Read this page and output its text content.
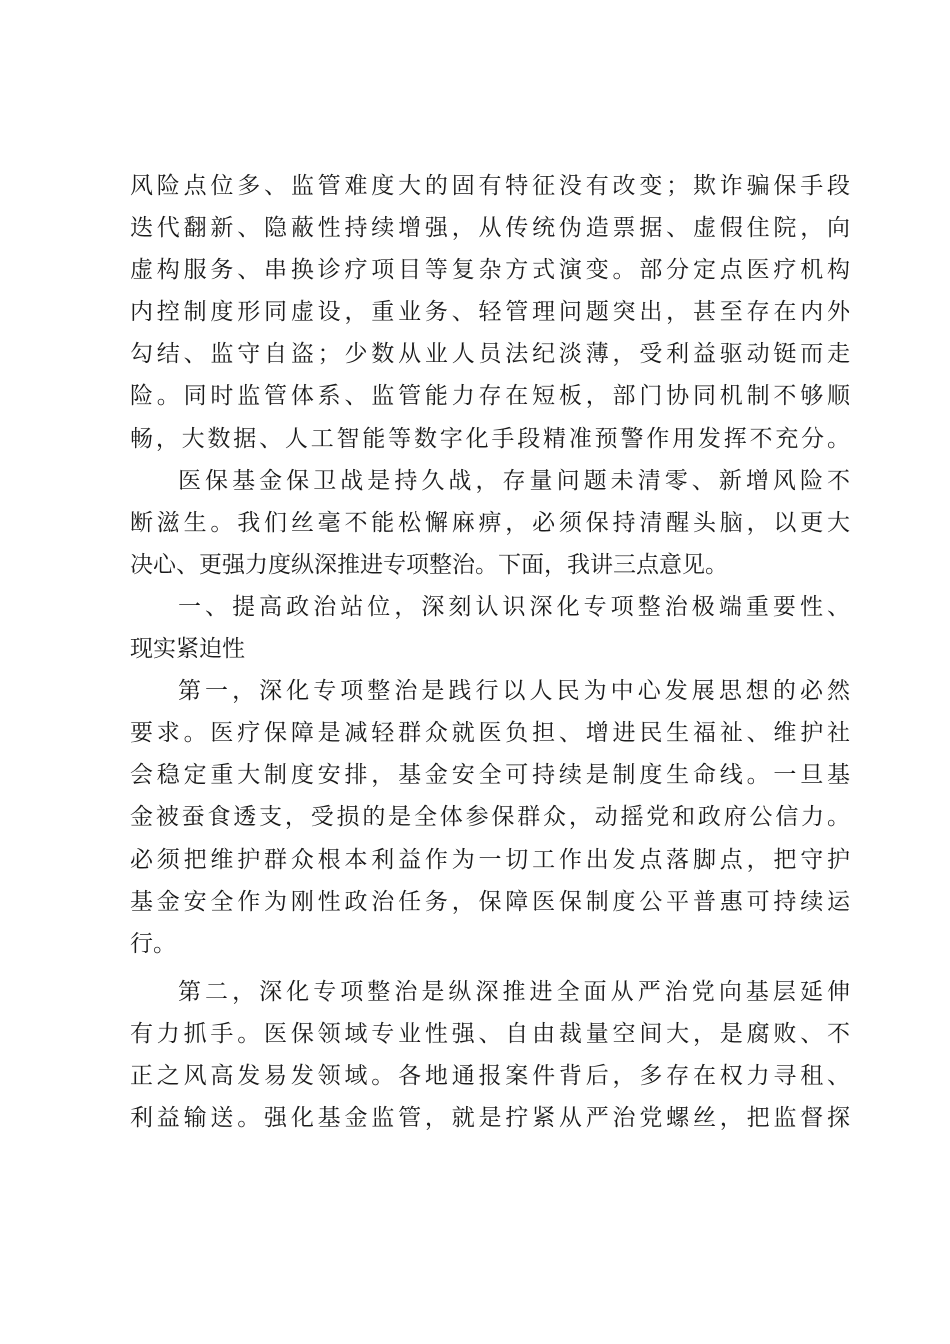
风险点位多、监管难度大的固有特征没有改变；欺诈骗保手段
迭代翻新、隐蔽性持续增强，从传统伪造票据、虚假住院，向
虚构服务、串换诊疗项目等复杂方式演变。部分定点医疗机构
内控制度形同虚设，重业务、轻管理问题突出，甚至存在内外
勾结、监守自盗；少数从业人员法纪淡薄，受利益驱动铤而走
险。同时监管体系、监管能力存在短板，部门协同机制不够顺
畅，大数据、人工智能等数字化手段精准预警作用发挥不充分。
医保基金保卫战是持久战，存量问题未清零、新增风险不
断滋生。我们丝毫不能松懈麻痹，必须保持清醒头脑，以更大
决心、更强力度纵深推进专项整治。下面，我讲三点意见。
一、提高政治站位，深刻认识深化专项整治极端重要性、
现实紧迫性
第一，深化专项整治是践行以人民为中心发展思想的必然
要求。医疗保障是减轻群众就医负担、增进民生福祉、维护社
会稳定重大制度安排，基金安全可持续是制度生命线。一旦基
金被蚕食透支，受损的是全体参保群众，动摇党和政府公信力。
必须把维护群众根本利益作为一切工作出发点落脚点，把守护
基金安全作为刚性政治任务，保障医保制度公平普惠可持续运
行。
第二，深化专项整治是纵深推进全面从严治党向基层延伸
有力抓手。医保领域专业性强、自由裁量空间大，是腐败、不
正之风高发易发领域。各地通报案件背后，多存在权力寻租、
利益输送。强化基金监管，就是拧紧从严治党螺丝，把监督探
